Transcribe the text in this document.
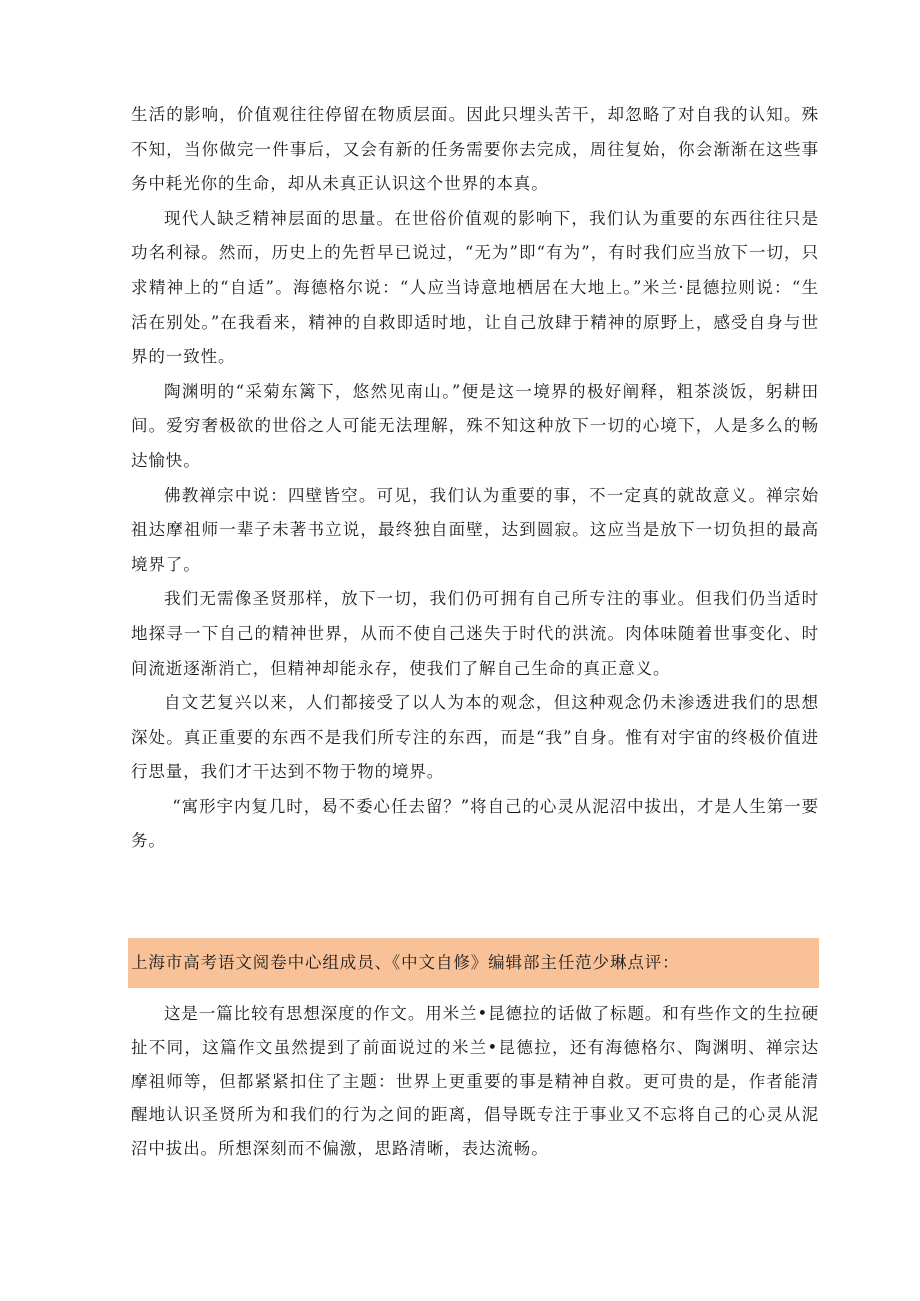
生活的影响，价值观往往停留在物质层面。因此只埋头苦干，却忽略了对自我的认知。殊不知，当你做完一件事后，又会有新的任务需要你去完成，周往复始，你会渐渐在这些事务中耗光你的生命，却从未真正认识这个世界的本真。

现代人缺乏精神层面的思量。在世俗价值观的影响下，我们认为重要的东西往往只是功名利禄。然而，历史上的先哲早已说过，“无为”即“有为”，有时我们应当放下一切，只求精神上的“自适”。海德格尔说：“人应当诗意地栖居在大地上。”米兰·昆德拉则说：“生活在别处。”在我看来，精神的自救即适时地，让自己放肆于精神的原野上，感受自身与世界的一致性。

陶渊明的“采菊东篱下，悠然见南山。”便是这一境界的极好阐释，粗茶淡饭，躬耕田间。爱穷奢极欲的世俗之人可能无法理解，殊不知这种放下一切的心境下，人是多么的畅达愉快。

佛教禅宗中说：四壁皆空。可见，我们认为重要的事，不一定真的就故意义。禅宗始祖达摩祖师一辈子未著书立说，最终独自面壁，达到圆寂。这应当是放下一切负担的最高境界了。

我们无需像圣贤那样，放下一切，我们仍可拥有自己所专注的事业。但我们仍当适时地探寻一下自己的精神世界，从而不使自己迷失于时代的洪流。肉体味随着世事变化、时间流逝逐渐消亡，但精神却能永存，使我们了解自己生命的真正意义。

自文艺复兴以来，人们都接受了以人为本的观念，但这种观念仍未渗透进我们的思想深处。真正重要的东西不是我们所专注的东西，而是“我”自身。惟有对宇宙的终极价值进行思量，我们才干达到不物于物的境界。

“寓形宇内复几时，曷不委心任去留？”将自己的心灵从泥沼中拔出，才是人生第一要务。

上海市高考语文阅卷中心组成员、《中文自修》编辑部主任范少琳点评：

这是一篇比较有思想深度的作文。用米兰•昆德拉的话做了标题。和有些作文的生拉硬扯不同，这篇作文虽然提到了前面说过的米兰•昆德拉，还有海德格尔、陶渊明、禅宗达摩祖师等，但都紧紧扣住了主题：世界上更重要的事是精神自救。更可贵的是，作者能清醒地认识圣贤所为和我们的行为之间的距离，倡导既专注于事业又不忘将自己的心灵从泥沼中拔出。所想深刻而不偏激，思路清晰，表达流畅。
